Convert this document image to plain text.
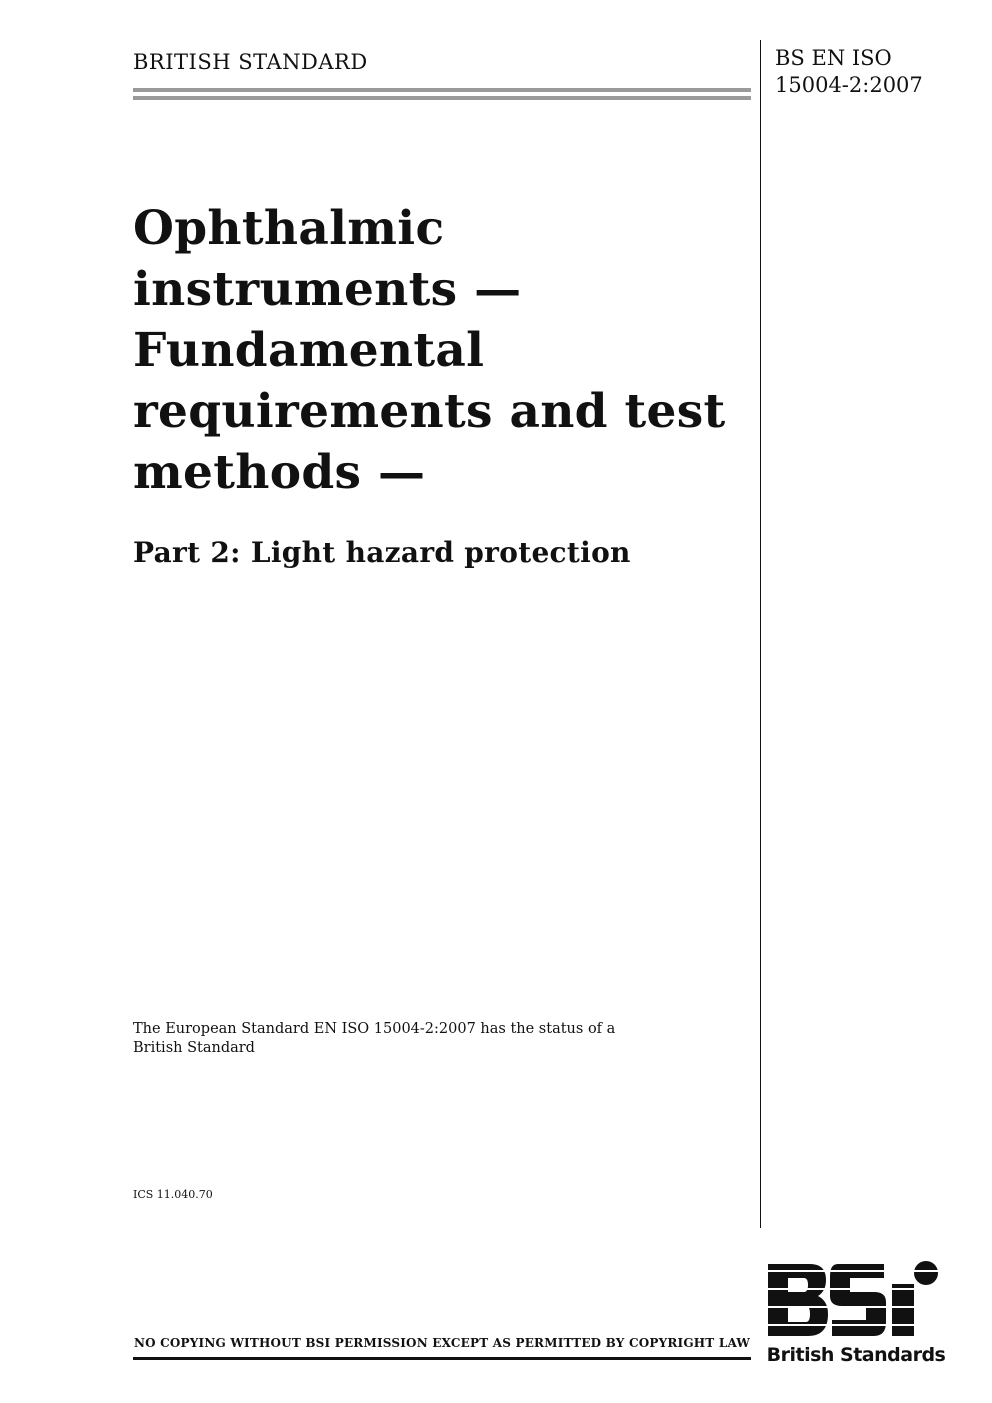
BRITISH STANDARD	BS EN ISO
15004-2:2007
Ophthalmic
instruments —
Fundamental
requirements and test
methods —
Part 2: Light hazard protection
The European Standard EN ISO 15004-2:2007 has the status of a
British Standard
ICS 11.040.70
NO COPYING WITHOUT BSI PERMISSION EXCEPT AS PERMITTED BY COPYRIGHT LAW
British Standards
